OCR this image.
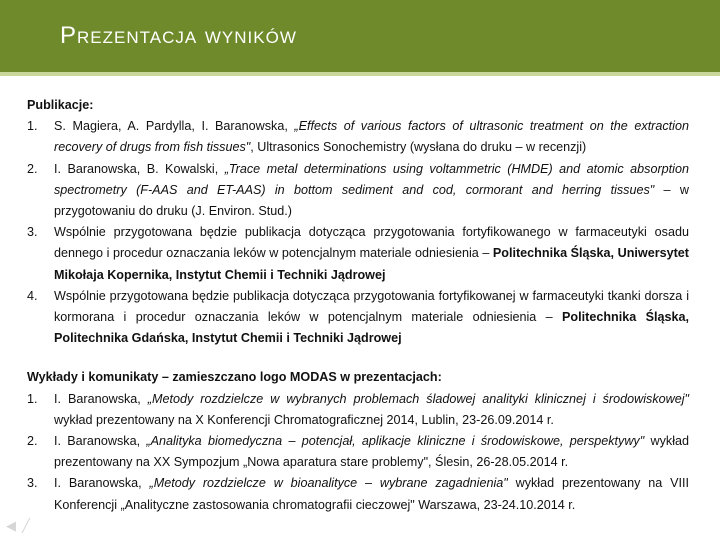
Prezentacja wyników
Publikacje:
1.	S. Magiera, A. Pardylla, I. Baranowska, „Effects of various factors of ultrasonic treatment on the extraction recovery of drugs from fish tissues", Ultrasonics Sonochemistry (wysłana do druku – w recenzji)
2.	I. Baranowska, B. Kowalski, „Trace metal determinations using voltammetric (HMDE) and atomic absorption spectrometry (F-AAS and ET-AAS) in bottom sediment and cod, cormorant and herring tissues" – w przygotowaniu do druku (J. Environ. Stud.)
3.	Wspólnie przygotowana będzie publikacja dotycząca przygotowania fortyfikowanego w farmaceutyki osadu dennego i procedur oznaczania leków w potencjalnym materiale odniesienia – Politechnika Śląska, Uniwersytet Mikołaja Kopernika, Instytut Chemii i Techniki Jądrowej
4.	Wspólnie przygotowana będzie publikacja dotycząca przygotowania fortyfikowanej w farmaceutyki tkanki dorsza i kormorana i procedur oznaczania leków w potencjalnym materiale odniesienia – Politechnika Śląska, Politechnika Gdańska, Instytut Chemii i Techniki Jądrowej
Wykłady i komunikaty – zamieszczano logo MODAS w prezentacjach:
1.	I. Baranowska, „Metody rozdzielcze w wybranych problemach śladowej analityki klinicznej i środowiskowej" wykład prezentowany na X Konferencji Chromatograficznej 2014, Lublin, 23-26.09.2014 r.
2.	I. Baranowska, „Analityka biomedyczna – potencjał, aplikacje kliniczne i środowiskowe, perspektywy" wykład prezentowany na XX Sympozjum „Nowa aparatura stare problemy", Ślesin, 26-28.05.2014 r.
3.	I. Baranowska, „Metody rozdzielcze w bioanalityce – wybrane zagadnienia" wykład prezentowany na VIII Konferencji „Analityczne zastosowania chromatografii cieczowej" Warszawa, 23-24.10.2014 r.
◀ ╱
